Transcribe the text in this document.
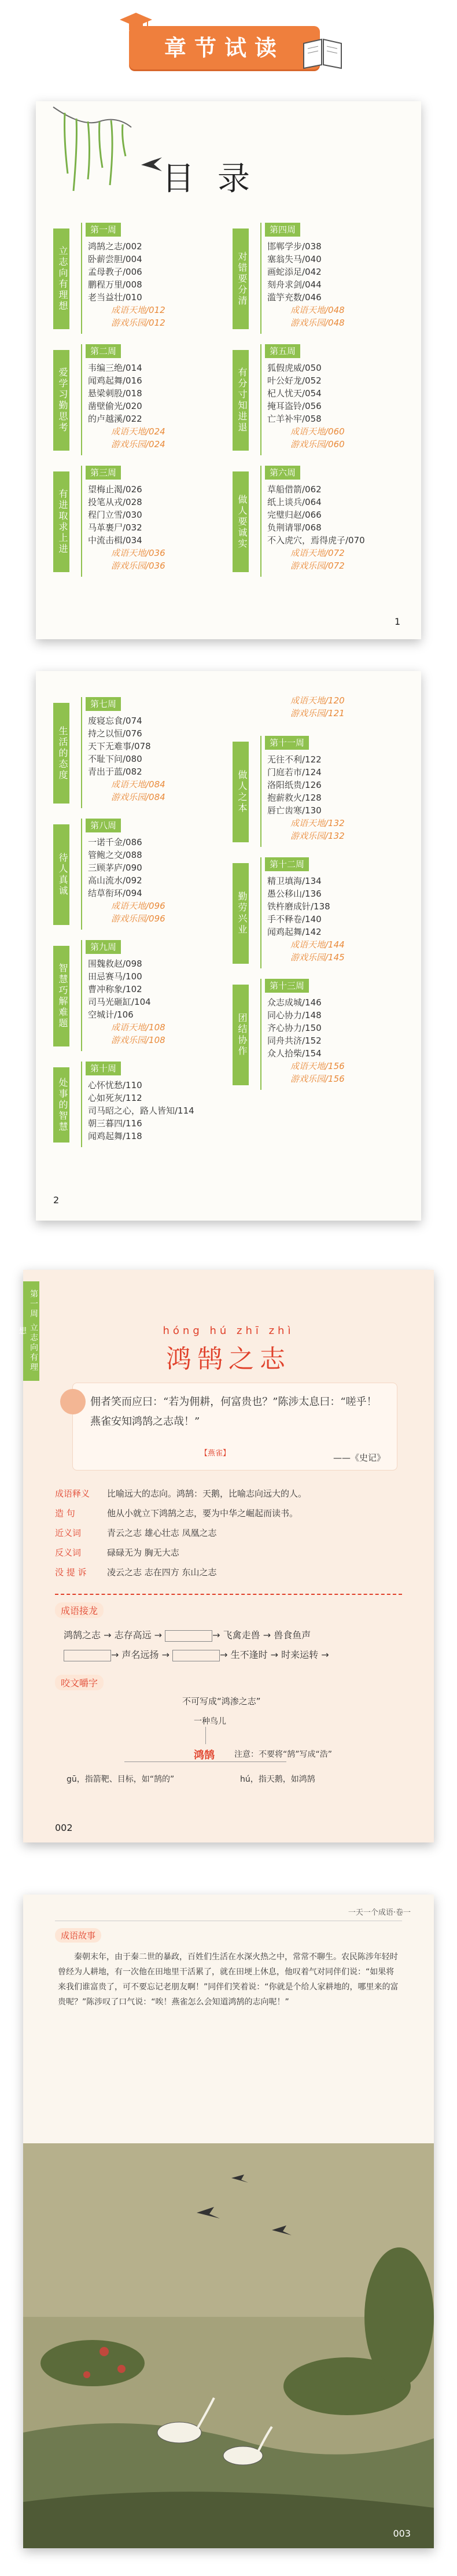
章节试读
目录
立志向有理想
第一周
鸿鹄之志/002
卧薪尝胆/004
孟母教子/006
鹏程万里/008
老当益壮/010
成语天地/012
游戏乐园/012
爱学习勤思考
第二周
韦编三绝/014
闻鸡起舞/016
悬梁刺股/018
凿壁偷光/020
的卢越溪/022
成语天地/024
游戏乐园/024
有进取求上进
第三周
望梅止渴/026
投笔从戎/028
程门立雪/030
马革裹尸/032
中流击楫/034
成语天地/036
游戏乐园/036
对错要分清
第四周
邯郸学步/038
塞翁失马/040
画蛇添足/042
刻舟求剑/044
滥竽充数/046
成语天地/048
游戏乐园/048
有分寸知进退
第五周
狐假虎威/050
叶公好龙/052
杞人忧天/054
掩耳盗铃/056
亡羊补牢/058
成语天地/060
游戏乐园/060
做人要诚实
第六周
草船借箭/062
纸上谈兵/064
完璧归赵/066
负荆请罪/068
不入虎穴，焉得虎子/070
成语天地/072
游戏乐园/072
1
生活的态度
第七周
废寝忘食/074
持之以恒/076
天下无难事/078
不耻下问/080
青出于蓝/082
成语天地/084
游戏乐园/084
待人真诚
第八周
一诺千金/086
管鲍之交/088
三顾茅庐/090
高山流水/092
结草衔环/094
成语天地/096
游戏乐园/096
智慧巧解难题
第九周
围魏救赵/098
田忌赛马/100
曹冲称象/102
司马光砸缸/104
空城计/106
成语天地/108
游戏乐园/108
处事的智慧
第十周
心怀忧愁/110
心如死灰/112
司马昭之心，路人皆知/114
朝三暮四/116
闻鸡起舞/118
成语天地/120
游戏乐园/121
做人之本
第十一周
无往不利/122
门庭若市/124
洛阳纸贵/126
抱薪救火/128
唇亡齿寒/130
成语天地/132
游戏乐园/132
勤劳兴业
第十二周
精卫填海/134
愚公移山/136
铁杵磨成针/138
手不释卷/140
闻鸡起舞/142
成语天地/144
游戏乐园/145
团结协作
第十三周
众志成城/146
同心协力/148
齐心协力/150
同舟共济/152
众人拾柴/154
成语天地/156
游戏乐园/156
2
第一周 立志向有理想	hóng hú zhī zhì
鸿鹄之志
佣者笑而应曰：“若为佣耕，何富贵也？”陈涉太息曰：“嗟乎！燕雀安知鸿鹄之志哉！”
【燕雀】	——《史记》
成语释义 比喻远大的志向。鸿鹄：天鹅，比喻志向远大的人。
造 句	他从小就立下鸿鹄之志，要为中华之崛起而读书。
近义词	青云之志 雄心壮志 凤凰之志
反义词	碌碌无为 胸无大志
没 提 诉 凌云之志 志在四方 东山之志
成语接龙
鸿鹄之志 → 志存高远 →	→ 飞禽走兽 → 兽食鱼声
→ 声名远扬 →	→ 生不逢时 → 时来运转 →
咬文嚼字
不可写成“鸿渗之志”
一种鸟儿
鸿鹄 注意：不要将“鹄”写成“浩”
gū，指箭靶、目标，如“鹄的”	hú，指天鹅，如鸿鹄
002
一天一个成语·卷一
成语故事
秦朝末年，由于秦二世的暴政，百姓们生活在水深火热之中，常常不聊生。农民陈涉年轻时曾经为人耕地，有一次他在田地里干活累了，就在田埂上休息，他叹着气对同伴们说：“如果将来我们谁富贵了，可不要忘记老朋友啊！”同伴们笑着说：“你就是个给人家耕地的，哪里来的富贵呢？”陈涉叹了口气说：“唉！燕雀怎么会知道鸿鹄的志向呢！”
003
